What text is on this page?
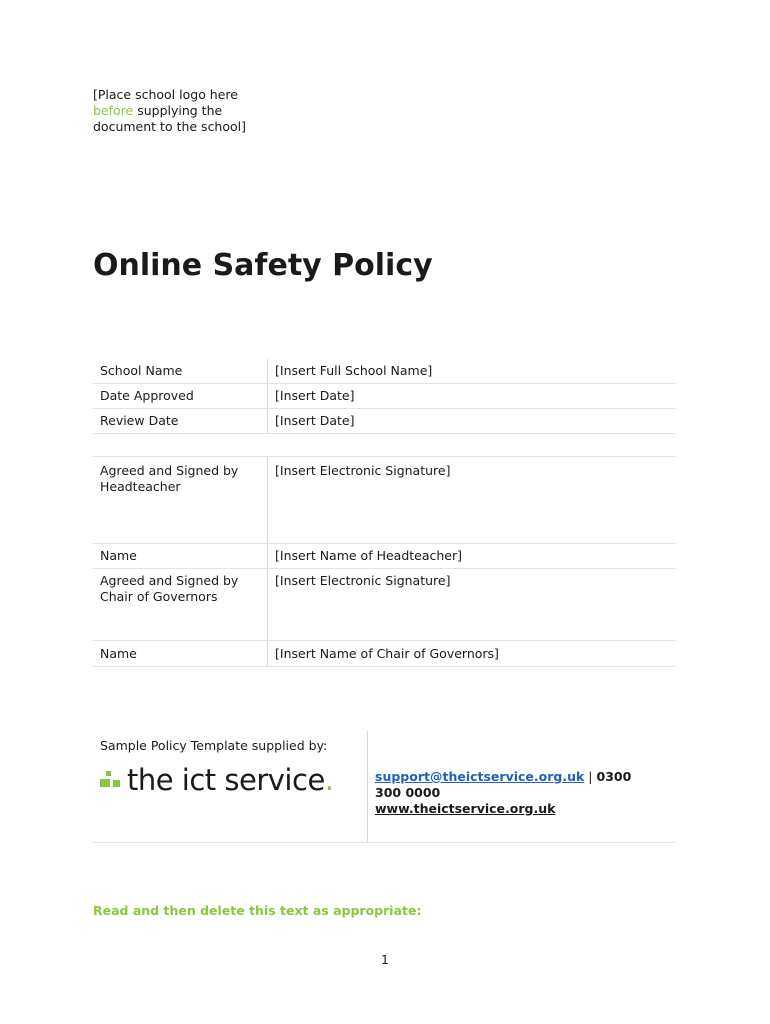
[Place school logo here
before supplying the
document to the school]
Online Safety Policy
School Name	[Insert Full School Name]
Date Approved	[Insert Date]
Review Date	[Insert Date]

Agreed and Signed by
Headteacher	[Insert Electronic Signature]
Name	[Insert Name of Headteacher]

Agreed and Signed by
Chair of Governors	[Insert Electronic Signature]
Name	[Insert Name of Chair of Governors]
Sample Policy Template supplied by:
the ict service.	support@theictservice.org.uk | 0300
300 0000
www.theictservice.org.uk
Read and then delete this text as appropriate:
1
